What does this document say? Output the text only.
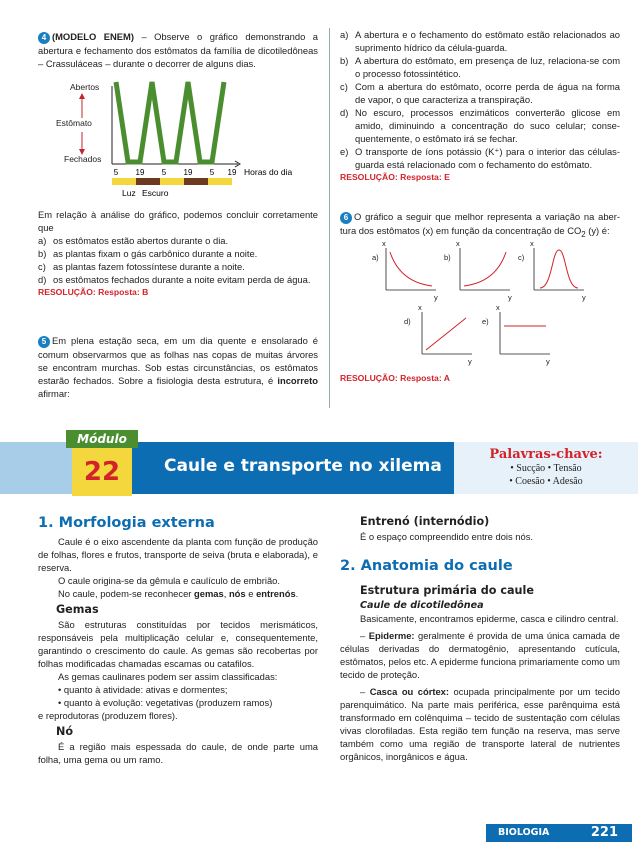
4 (MODELO ENEM) – Observe o gráfico demonstrando a abertura e fechamento dos estômatos da família de dicotiledôneas – Crassuláceas – durante o decorrer de alguns dias.

Abertos
Estômato
Fechados
5 19 5 19 5 19 Horas do dia
Luz Escuro

Em relação à análise do gráfico, podemos concluir corretamente que

a) os estômatos estão abertos durante o dia.
b) as plantas fixam o gás carbônico durante a noite.
c) as plantas fazem fotossíntese durante a noite.
d) os estômatos fechados durante a noite evitam perda de água.

RESOLUÇÃO: Resposta: B

5 Em plena estação seca, em um dia quente e ensolarado é comum observarmos que as folhas nas copas de muitas árvores se encontram murchas. Sob estas circunstâncias, os estômatos estarão fechados. Sobre a fisiologia desta estrutura, é incorreto afirmar:

a) A abertura e o fechamento do estômato estão relacionados ao suprimento hídrico da célula-guarda.
b) A abertura do estômato, em presença de luz, relaciona-se com o processo fotossintético.
c) Com a abertura do estômato, ocorre perda de água na forma de vapor, o que caracteriza a transpiração.
d) No escuro, processos enzimáticos converterão glicose em amido, diminuindo a concentração do suco celular; consequentemente, o estômato irá se fechar.
e) O transporte de íons potássio (K⁺) para o interior das células-guarda está relacionado com o fechamento do estômato.

RESOLUÇÃO: Resposta: E

6 O gráfico a seguir que melhor representa a variação na abertura dos estômatos (x) em função da concentração de $CO_2$ (y) é:

x
a)
y
x
b)
y
x
c)
y
x
d)
y
x
e)
y

RESOLUÇÃO: Resposta: A

Caule e transporte no xilema
Módulo
22
Palavras-chave:
• Sucção • Tensão
• Coesão • Adesão
1. Morfologia externa

Caule é o eixo ascendente da planta com função de produção de folhas, flores e frutos, transporte de seiva (bruta e elaborada), e reserva.

O caule origina-se da gêmula e caulículo de embrião.

No caule, podem-se reconhecer gemas, nós e entrenós.

Gemas

São estruturas constituídas por tecidos merismáticos, responsáveis pela multiplicação celular e, consequentemente, garantindo o crescimento do caule. As gemas são recobertas por folhas modificadas chamadas escamas ou catafilos.

As gemas caulinares podem ser assim classificadas:

• quanto à atividade: ativas e dormentes;

• quanto à evolução: vegetativas (produzem ramos)

e reprodutoras (produzem flores).

Nó

É a região mais espessada do caule, de onde parte uma folha, uma gema ou um ramo.

Entrenó (internódio)

É o espaço compreendido entre dois nós.

2. Anatomia do caule
Estrutura primária do caule

Caule de dicotiledônea

Basicamente, encontramos epiderme, casca e cilindro central.

– Epiderme: geralmente é provida de uma única camada de células derivadas do dermatogênio, apresentando cutícula, estômatos, pelos etc. A epiderme funciona primariamente como um tecido de proteção.

– Casca ou córtex: ocupada principalmente por um tecido parenquimático. Na parte mais periférica, esse parênquima está transformado em colênquima – tecido de sustentação com células vivas clorofiladas. Esta região tem função na reserva, mas serve também como uma região de transporte lateral de nutrientes orgânicos, inorgânicos e água.

BIOLOGIA	221
